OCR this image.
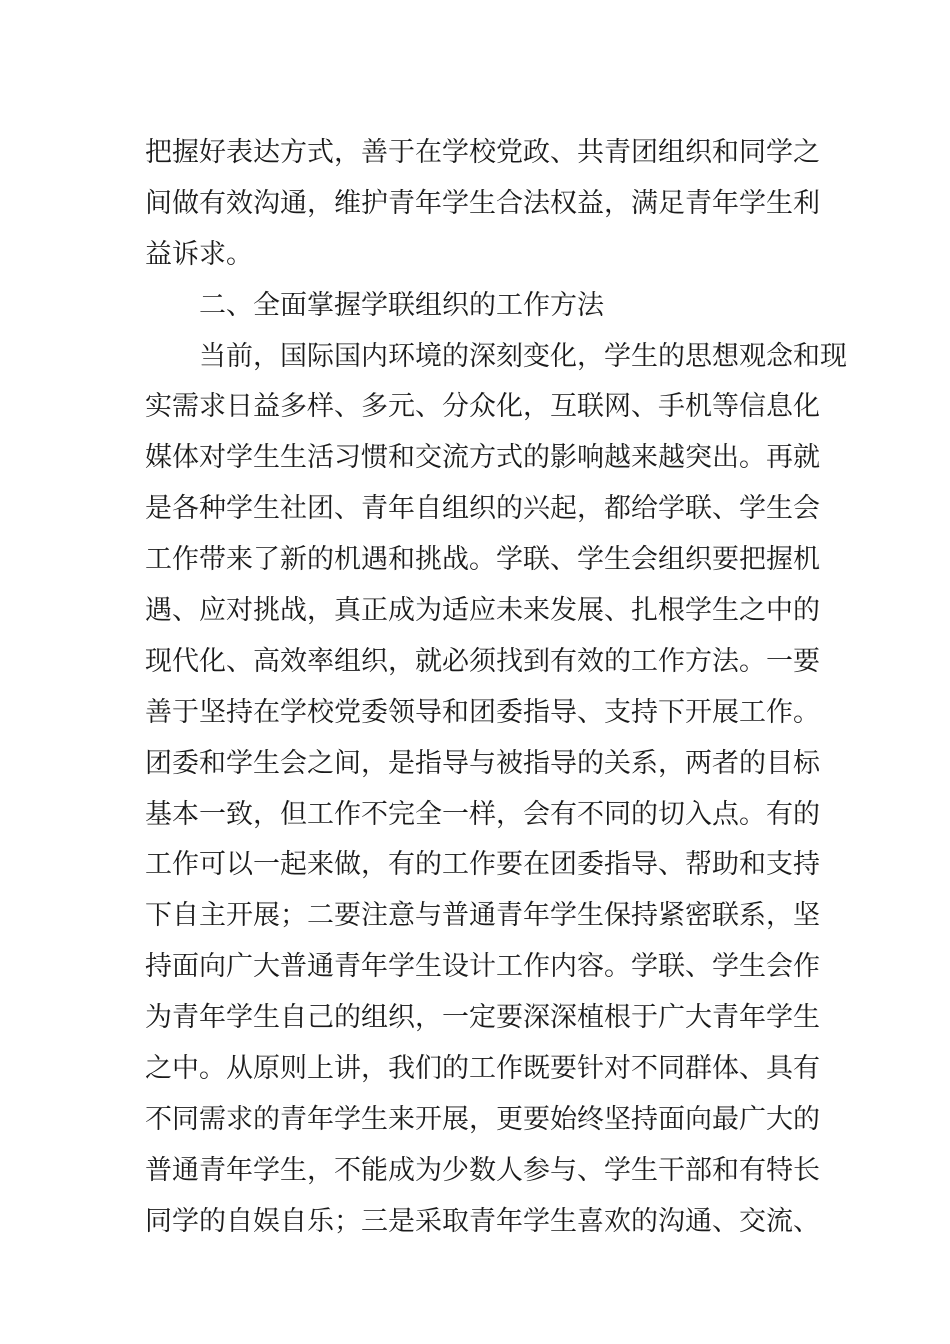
把握好表达方式，善于在学校党政、共青团组织和同学之
间做有效沟通，维护青年学生合法权益，满足青年学生利
益诉求。
　　二、全面掌握学联组织的工作方法
　　当前，国际国内环境的深刻变化，学生的思想观念和现
实需求日益多样、多元、分众化，互联网、手机等信息化
媒体对学生生活习惯和交流方式的影响越来越突出。再就
是各种学生社团、青年自组织的兴起，都给学联、学生会
工作带来了新的机遇和挑战。学联、学生会组织要把握机
遇、应对挑战，真正成为适应未来发展、扎根学生之中的
现代化、高效率组织，就必须找到有效的工作方法。一要
善于坚持在学校党委领导和团委指导、支持下开展工作。
团委和学生会之间，是指导与被指导的关系，两者的目标
基本一致，但工作不完全一样，会有不同的切入点。有的
工作可以一起来做，有的工作要在团委指导、帮助和支持
下自主开展；二要注意与普通青年学生保持紧密联系，坚
持面向广大普通青年学生设计工作内容。学联、学生会作
为青年学生自己的组织，一定要深深植根于广大青年学生
之中。从原则上讲，我们的工作既要针对不同群体、具有
不同需求的青年学生来开展，更要始终坚持面向最广大的
普通青年学生，不能成为少数人参与、学生干部和有特长
同学的自娱自乐；三是采取青年学生喜欢的沟通、交流、
